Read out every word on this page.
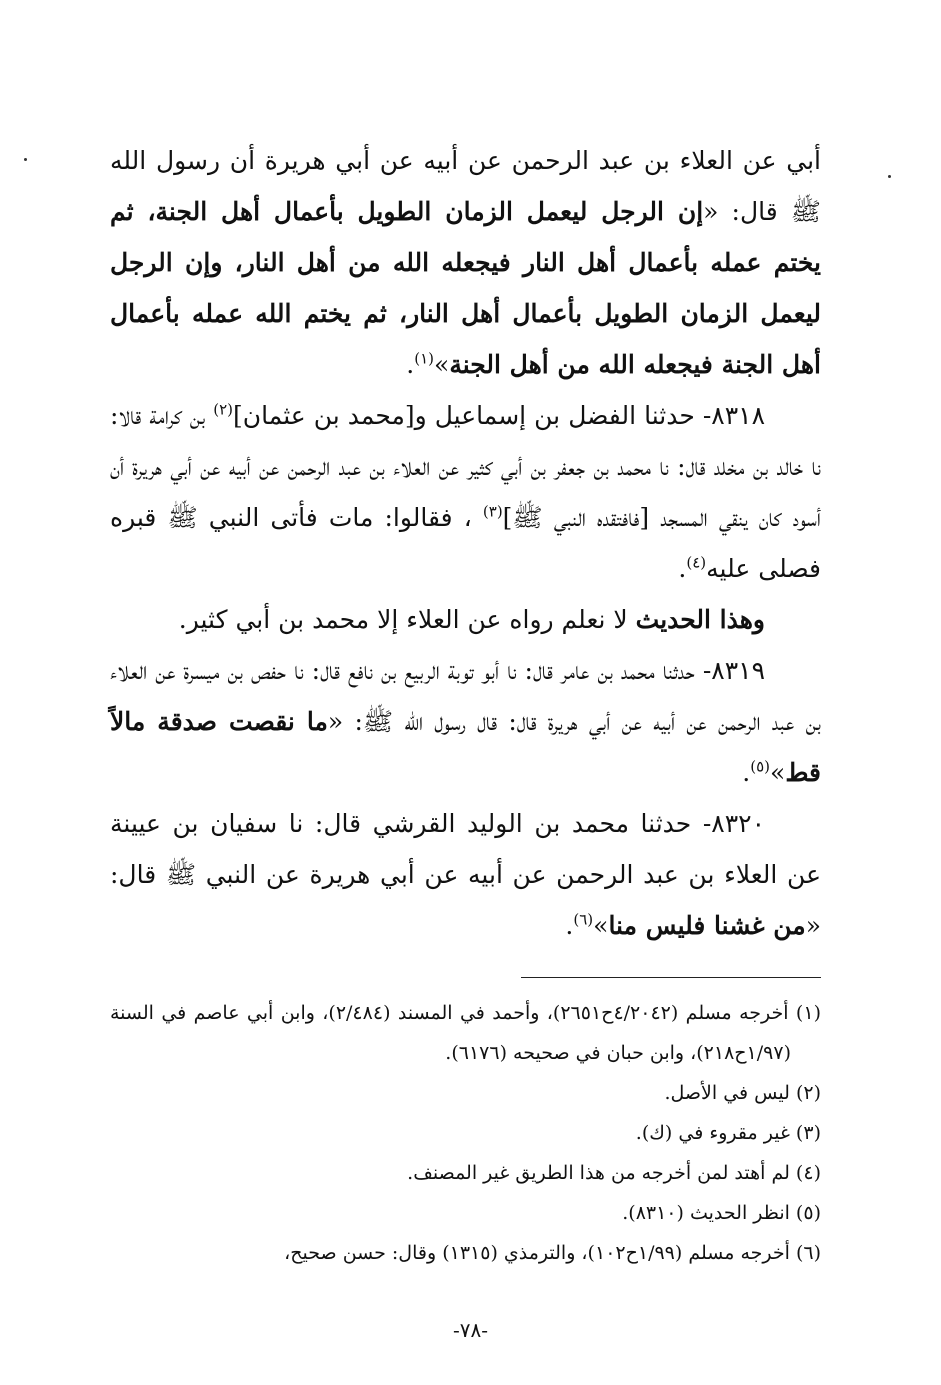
أبي عن العلاء بن عبد الرحمن عن أبيه عن أبي هريرة أن رسول الله ﷺ قال: «إن الرجل ليعمل الزمان الطويل بأعمال أهل الجنة، ثم يختم عمله بأعمال أهل النار فيجعله الله من أهل النار، وإن الرجل ليعمل الزمان الطويل بأعمال أهل النار، ثم يختم الله عمله بأعمال أهل الجنة فيجعله الله من أهل الجنة»$^{(١)}$.

٨٣١٨- حدثنا الفضل بن إسماعيل و[محمد بن عثمان]$^{(٢)}$ بن كرامة قالا: نا خالد بن مخلد قال: نا محمد بن جعفر بن أبي كثير عن العلاء بن عبد الرحمن عن أبيه عن أبي هريرة أن أسود كان ينقي المسجد [فافتقده النبي ﷺ]$^{(٣)}$ ، فقالوا: مات فأتى النبي ﷺ قبره فصلى عليه$^{(٤)}$.

وهذا الحديث لا نعلم رواه عن العلاء إلا محمد بن أبي كثير.

٨٣١٩- حدثنا محمد بن عامر قال: نا أبو توبة الربيع بن نافع قال: نا حفص بن ميسرة عن العلاء بن عبد الرحمن عن أبيه عن أبي هريرة قال: قال رسول الله ﷺ: «ما نقصت صدقة مالاً قط»$^{(٥)}$.

٨٣٢٠- حدثنا محمد بن الوليد القرشي قال: نا سفيان بن عيينة عن العلاء بن عبد الرحمن عن أبيه عن أبي هريرة عن النبي ﷺ قال: «من غشنا فليس منا»$^{(٦)}$.

(١) أخرجه مسلم (٤/٢٠٤٢ح٢٦٥١)، وأحمد في المسند (٢/٤٨٤)، وابن أبي عاصم في السنة (١/٩٧ح٢١٨)، وابن حبان في صحيحه (٦١٧٦).
(٢) ليس في الأصل.
(٣) غير مقروء في (ك).
(٤) لم أهتد لمن أخرجه من هذا الطريق غير المصنف.
(٥) انظر الحديث (٨٣١٠).
(٦) أخرجه مسلم (١/٩٩ح١٠٢)، والترمذي (١٣١٥) وقال: حسن صحيح،
-٧٨-
